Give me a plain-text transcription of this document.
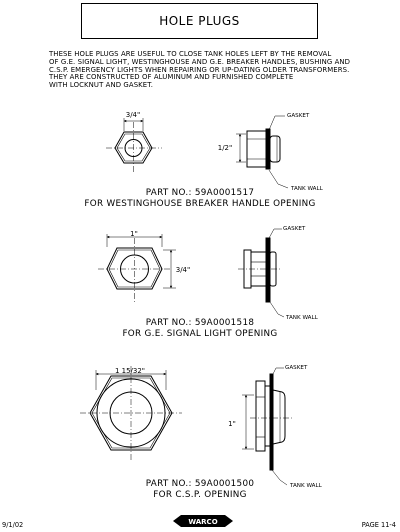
HOLE PLUGS

THESE HOLE PLUGS ARE USEFUL TO CLOSE TANK HOLES LEFT BY THE REMOVAL
OF G.E. SIGNAL LIGHT, WESTINGHOUSE AND G.E. BREAKER HANDLES, BUSHING AND
C.S.P. EMERGENCY LIGHTS WHEN REPAIRING OR UP-DATING OLDER TRANSFORMERS.
THEY ARE CONSTRUCTED OF ALUMINUM AND FURNISHED COMPLETE
WITH LOCKNUT AND GASKET.

3/4"
1/2"
GASKET
TANK WALL
1"
3/4"
GASKET
TANK WALL
1 15/32"
1"
GASKET
TANK WALL
PART NO.: 59A0001517
FOR WESTINGHOUSE BREAKER HANDLE OPENING
PART NO.: 59A0001518
FOR G.E. SIGNAL LIGHT OPENING
PART NO.: 59A0001500
FOR C.S.P. OPENING
9/1/02	PAGE 11-4
WARCO
